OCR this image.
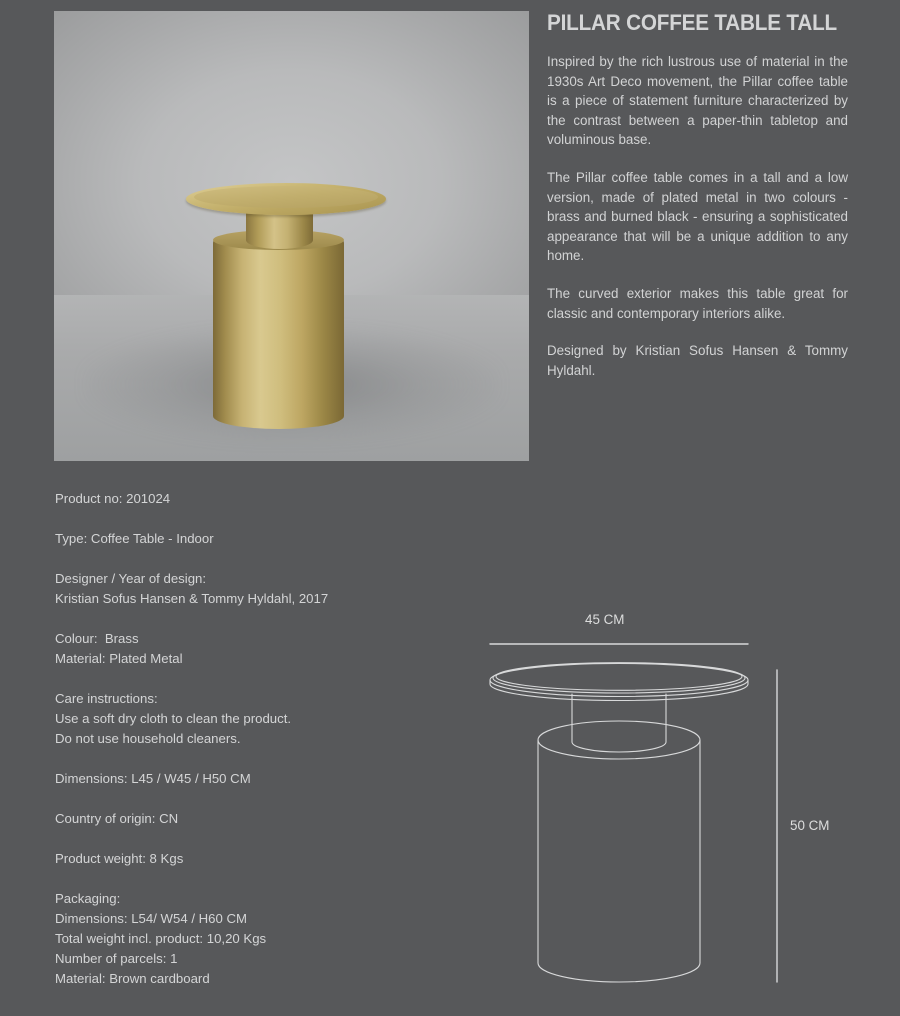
PILLAR COFFEE TABLE TALL

Inspired by the rich lustrous use of material in the 1930s Art Deco movement, the Pillar coffee table is a piece of statement furniture characterized by the contrast between a paper-thin tabletop and voluminous base.

The Pillar coffee table comes in a tall and a low version, made of plated metal in two colours - brass and burned black - ensuring a sophisticated appearance that will be a unique addition to any home.

The curved exterior makes this table great for classic and contemporary interiors alike.

Designed by Kristian Sofus Hansen & Tommy Hyldahl.

Product no: 201024
Type: Coffee Table - Indoor
Designer / Year of design:
Kristian Sofus Hansen & Tommy Hyldahl, 2017
Colour:  Brass
Material: Plated Metal
Care instructions:
Use a soft dry cloth to clean the product.
Do not use household cleaners.
Dimensions: L45 / W45 / H50 CM
Country of origin: CN
Product weight: 8 Kgs
Packaging:
Dimensions: L54/ W54 / H60 CM
Total weight incl. product: 10,20 Kgs
Number of parcels: 1
Material: Brown cardboard
45 CM
50 CM
